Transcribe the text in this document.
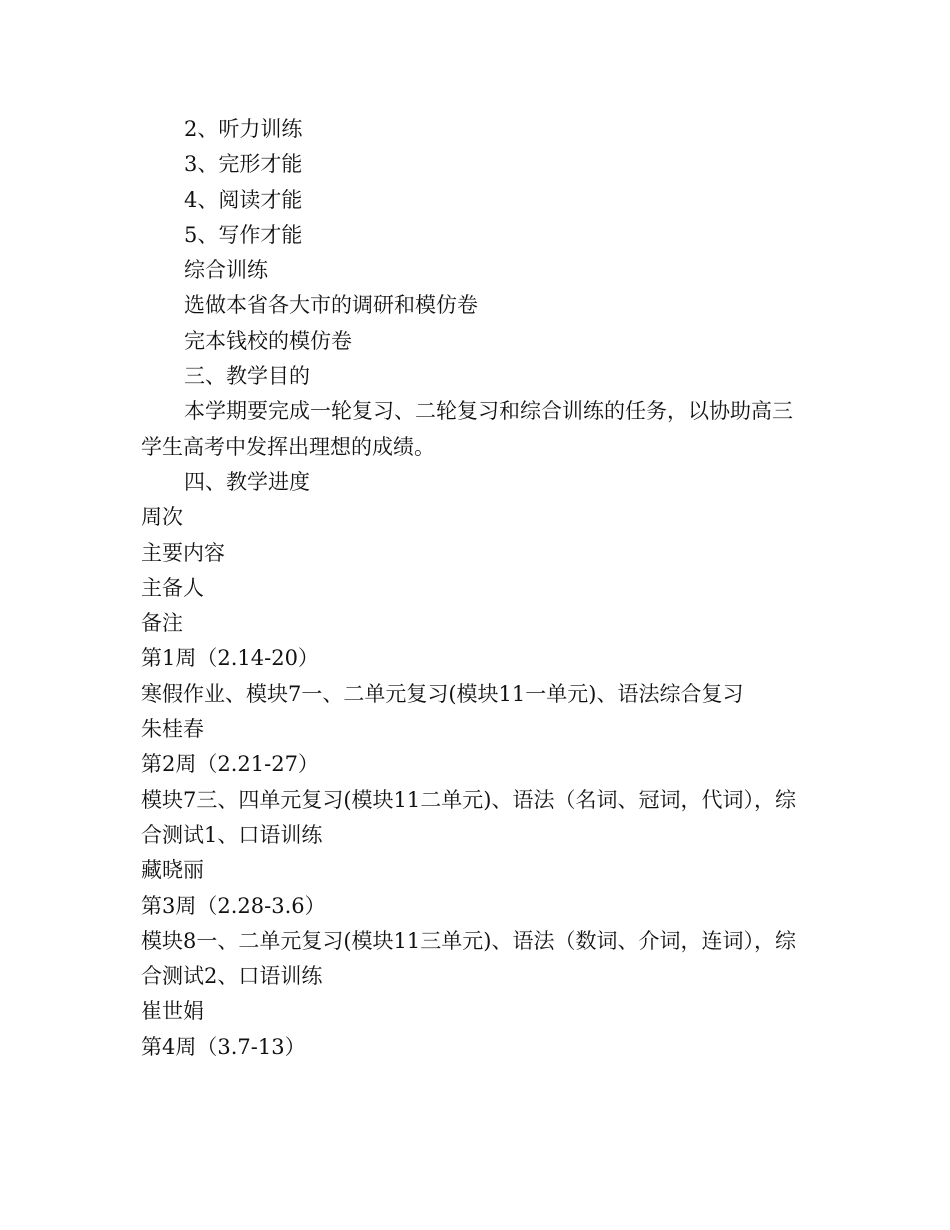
2、听力训练
3、完形才能
4、阅读才能
5、写作才能
综合训练
选做本省各大市的调研和模仿卷
完本钱校的模仿卷
三、教学目的
本学期要完成一轮复习、二轮复习和综合训练的任务，以协助高三学生高考中发挥出理想的成绩。
四、教学进度
周次
主要内容
主备人
备注
第1周（2.14-20）
寒假作业、模块7一、二单元复习(模块11一单元)、语法综合复习
朱桂春
第2周（2.21-27）
模块7三、四单元复习(模块11二单元)、语法（名词、冠词，代词），综合测试1、口语训练
藏晓丽
第3周（2.28-3.6）
模块8一、二单元复习(模块11三单元)、语法（数词、介词，连词），综合测试2、口语训练
崔世娟
第4周（3.7-13）
